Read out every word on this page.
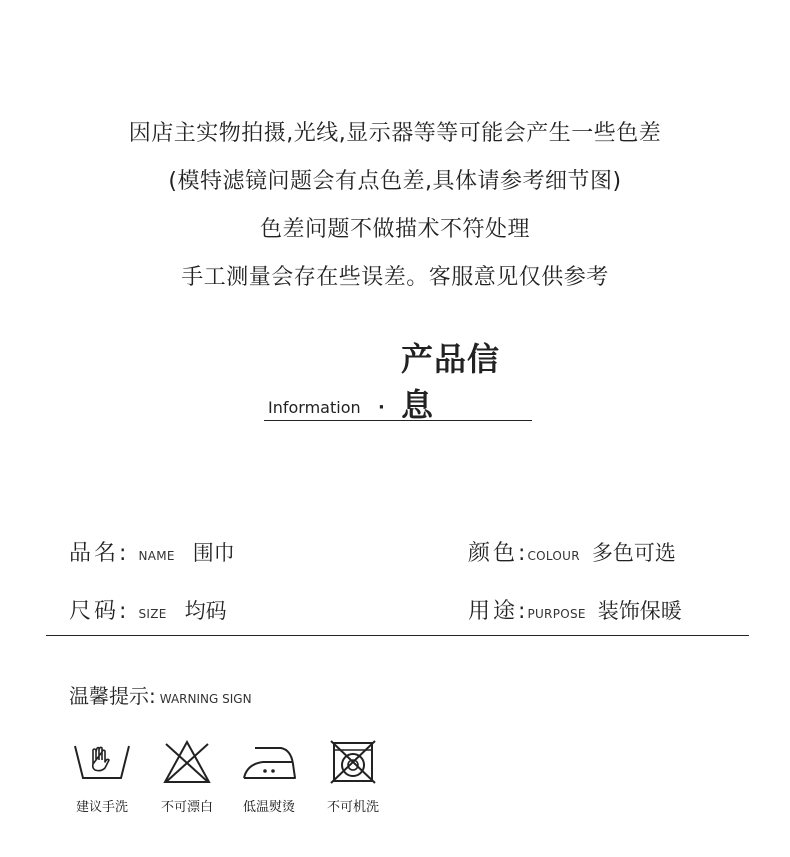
因店主实物拍摄,光线,显示器等等可能会产生一些色差
(模特滤镜问题会有点色差,具体请参考细节图)
色差问题不做描术不符处理
手工测量会存在些误差。客服意见仅供参考
Information ·
产品信息
品名 : NAME 围巾
尺码 : SIZE 均码
颜色 : COLOUR 多色可选
用途 : PURPOSE 装饰保暖
温馨提示: WARNING SIGN
建议手洗	不可漂白	低温熨烫	不可机洗
